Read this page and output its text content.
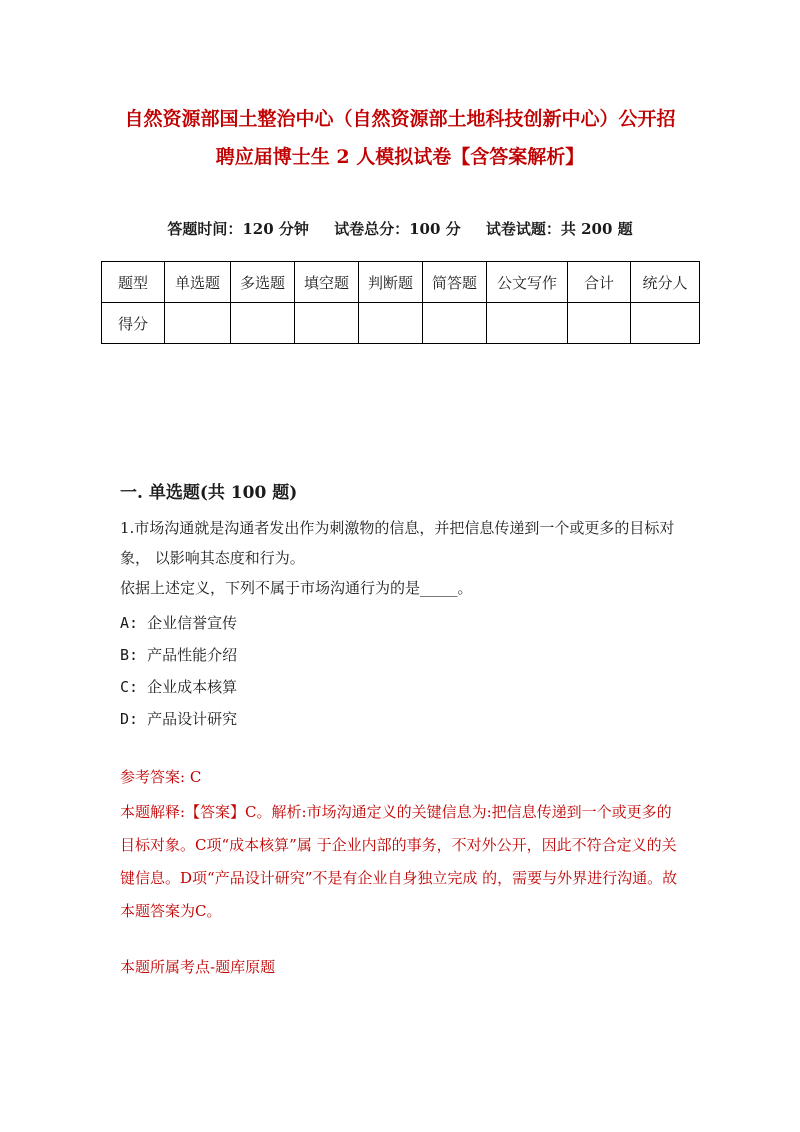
自然资源部国土整治中心（自然资源部土地科技创新中心）公开招
聘应届博士生 2 人模拟试卷【含答案解析】
答题时间：120 分钟 试卷总分：100 分 试卷试题：共 200 题
题型	单选题	多选题	填空题	判断题	简答题	公文写作	合计	统分人
得分								
一. 单选题(共 100 题)
1.市场沟通就是沟通者发出作为刺激物的信息，并把信息传递到一个或更多的目标对象， 以影响其态度和行为。
依据上述定义，下列不属于市场沟通行为的是_____。
A: 企业信誉宣传
B: 产品性能介绍
C: 企业成本核算
D: 产品设计研究
参考答案: C
本题解释:【答案】C。解析:市场沟通定义的关键信息为:把信息传递到一个或更多的目标对象。C项“成本核算”属 于企业内部的事务，不对外公开，因此不符合定义的关键信息。D项“产品设计研究”不是有企业自身独立完成 的，需要与外界进行沟通。故本题答案为C。
本题所属考点-题库原题
